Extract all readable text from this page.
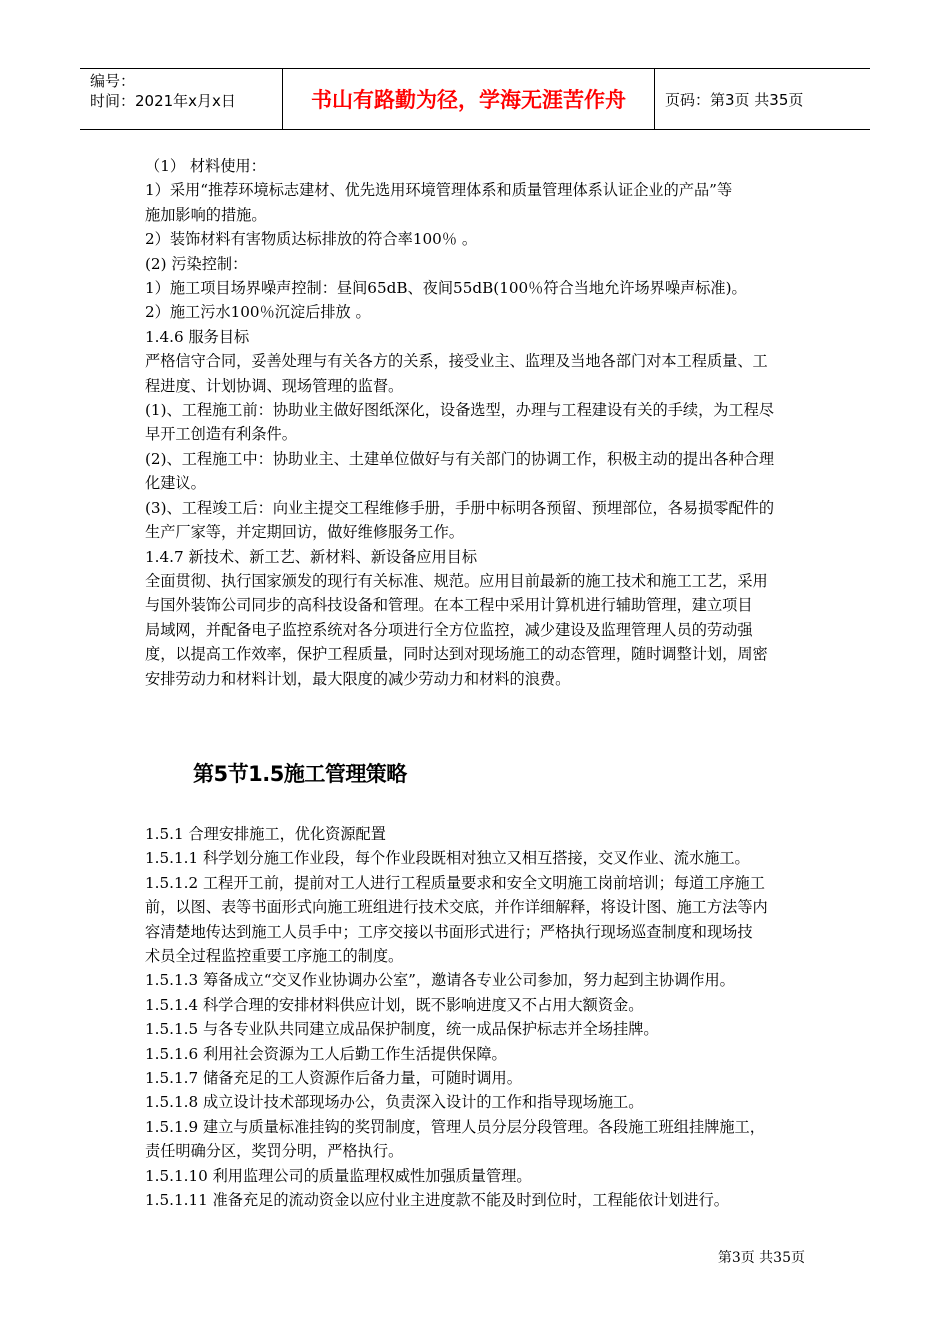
编号：
时间：2021年x月x日	书山有路勤为径，学海无涯苦作舟	页码：第3页 共35页

（1） 材料使用：

1）采用“推荐环境标志建材、优先选用环境管理体系和质量管理体系认证企业的产品”等

施加影响的措施。

2）装饰材料有害物质达标排放的符合率100％ 。

(2) 污染控制：

1）施工项目场界噪声控制：昼间65dB、夜间55dB(100％符合当地允许场界噪声标准)。

2）施工污水100％沉淀后排放 。

1.4.6 服务目标

严格信守合同，妥善处理与有关各方的关系，接受业主、监理及当地各部门对本工程质量、工

程进度、计划协调、现场管理的监督。

(1)、工程施工前：协助业主做好图纸深化，设备选型，办理与工程建设有关的手续，为工程尽

早开工创造有利条件。

(2)、工程施工中：协助业主、土建单位做好与有关部门的协调工作，积极主动的提出各种合理

化建议。

(3)、工程竣工后：向业主提交工程维修手册，手册中标明各预留、预埋部位，各易损零配件的

生产厂家等，并定期回访，做好维修服务工作。

1.4.7 新技术、新工艺、新材料、新设备应用目标

全面贯彻、执行国家颁发的现行有关标准、规范。应用目前最新的施工技术和施工工艺，采用

与国外装饰公司同步的高科技设备和管理。在本工程中采用计算机进行辅助管理，建立项目

局域网，并配备电子监控系统对各分项进行全方位监控，减少建设及监理管理人员的劳动强

度，以提高工作效率，保护工程质量，同时达到对现场施工的动态管理，随时调整计划，周密

安排劳动力和材料计划，最大限度的减少劳动力和材料的浪费。

第5节1.5施工管理策略

1.5.1 合理安排施工，优化资源配置

1.5.1.1 科学划分施工作业段，每个作业段既相对独立又相互搭接，交叉作业、流水施工。

1.5.1.2 工程开工前，提前对工人进行工程质量要求和安全文明施工岗前培训；每道工序施工

前，以图、表等书面形式向施工班组进行技术交底，并作详细解释，将设计图、施工方法等内

容清楚地传达到施工人员手中；工序交接以书面形式进行；严格执行现场巡查制度和现场技

术员全过程监控重要工序施工的制度。

1.5.1.3 筹备成立“交叉作业协调办公室”，邀请各专业公司参加，努力起到主协调作用。

1.5.1.4 科学合理的安排材料供应计划，既不影响进度又不占用大额资金。

1.5.1.5 与各专业队共同建立成品保护制度，统一成品保护标志并全场挂牌。

1.5.1.6 利用社会资源为工人后勤工作生活提供保障。

1.5.1.7 储备充足的工人资源作后备力量，可随时调用。

1.5.1.8 成立设计技术部现场办公，负责深入设计的工作和指导现场施工。

1.5.1.9 建立与质量标准挂钩的奖罚制度，管理人员分层分段管理。各段施工班组挂牌施工，

责任明确分区，奖罚分明，严格执行。

1.5.1.10 利用监理公司的质量监理权威性加强质量管理。

1.5.1.11 准备充足的流动资金以应付业主进度款不能及时到位时，工程能依计划进行。

第3页 共35页
